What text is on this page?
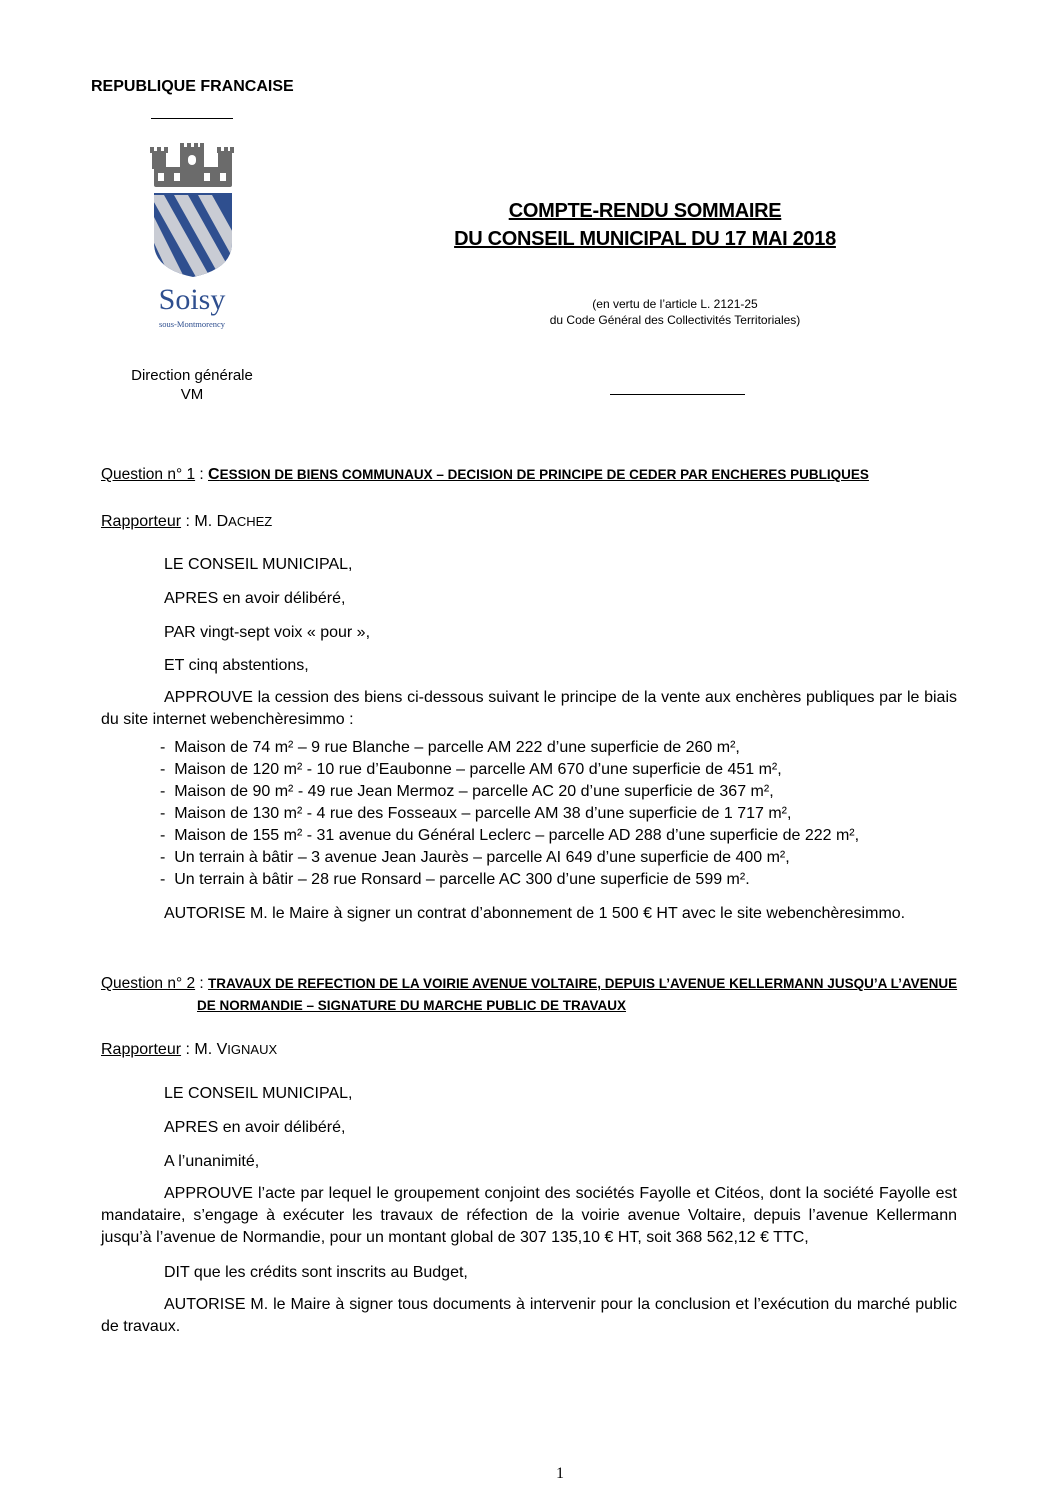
REPUBLIQUE FRANCAISE
Soisy
sous-Montmorency
Direction générale
VM
COMPTE-RENDU SOMMAIRE
DU CONSEIL MUNICIPAL DU 17 MAI 2018
(en vertu de l’article L. 2121-25
du Code Général des Collectivités Territoriales)
Question n° 1 : CESSION DE BIENS COMMUNAUX – DECISION DE PRINCIPE DE CEDER PAR ENCHERES PUBLIQUES
Rapporteur : M. DACHEZ
LE CONSEIL MUNICIPAL,
APRES en avoir délibéré,
PAR vingt-sept voix « pour »,
ET cinq abstentions,
APPROUVE la cession des biens ci-dessous suivant le principe de la vente aux enchères publiques par le biais du site internet webenchèresimmo :
- Maison de 74 m² – 9 rue Blanche – parcelle AM 222 d’une superficie de 260 m²,
- Maison de 120 m² - 10 rue d’Eaubonne – parcelle AM 670 d’une superficie de 451 m²,
- Maison de 90 m² - 49 rue Jean Mermoz – parcelle AC 20 d’une superficie de 367 m²,
- Maison de 130 m² - 4 rue des Fosseaux – parcelle AM 38 d’une superficie de 1 717 m²,
- Maison de 155 m² - 31 avenue du Général Leclerc – parcelle AD 288 d’une superficie de 222 m²,
- Un terrain à bâtir – 3 avenue Jean Jaurès – parcelle AI 649 d’une superficie de 400 m²,
- Un terrain à bâtir – 28 rue Ronsard – parcelle AC 300 d’une superficie de 599 m².
AUTORISE M. le Maire à signer un contrat d’abonnement de 1 500 € HT avec le site webenchèresimmo.
Question n° 2 : TRAVAUX DE REFECTION DE LA VOIRIE AVENUE VOLTAIRE, DEPUIS L’AVENUE KELLERMANN JUSQU’A L’AVENUE
DE NORMANDIE – SIGNATURE DU MARCHE PUBLIC DE TRAVAUX
Rapporteur : M. VIGNAUX
LE CONSEIL MUNICIPAL,
APRES en avoir délibéré,
A l’unanimité,
APPROUVE l’acte par lequel le groupement conjoint des sociétés Fayolle et Citéos, dont la société Fayolle est mandataire, s’engage à exécuter les travaux de réfection de la voirie avenue Voltaire, depuis l’avenue Kellermann jusqu’à l’avenue de Normandie, pour un montant global de 307 135,10 € HT, soit 368 562,12 € TTC,
DIT que les crédits sont inscrits au Budget,
AUTORISE M. le Maire à signer tous documents à intervenir pour la conclusion et l’exécution du marché public de travaux.
1
